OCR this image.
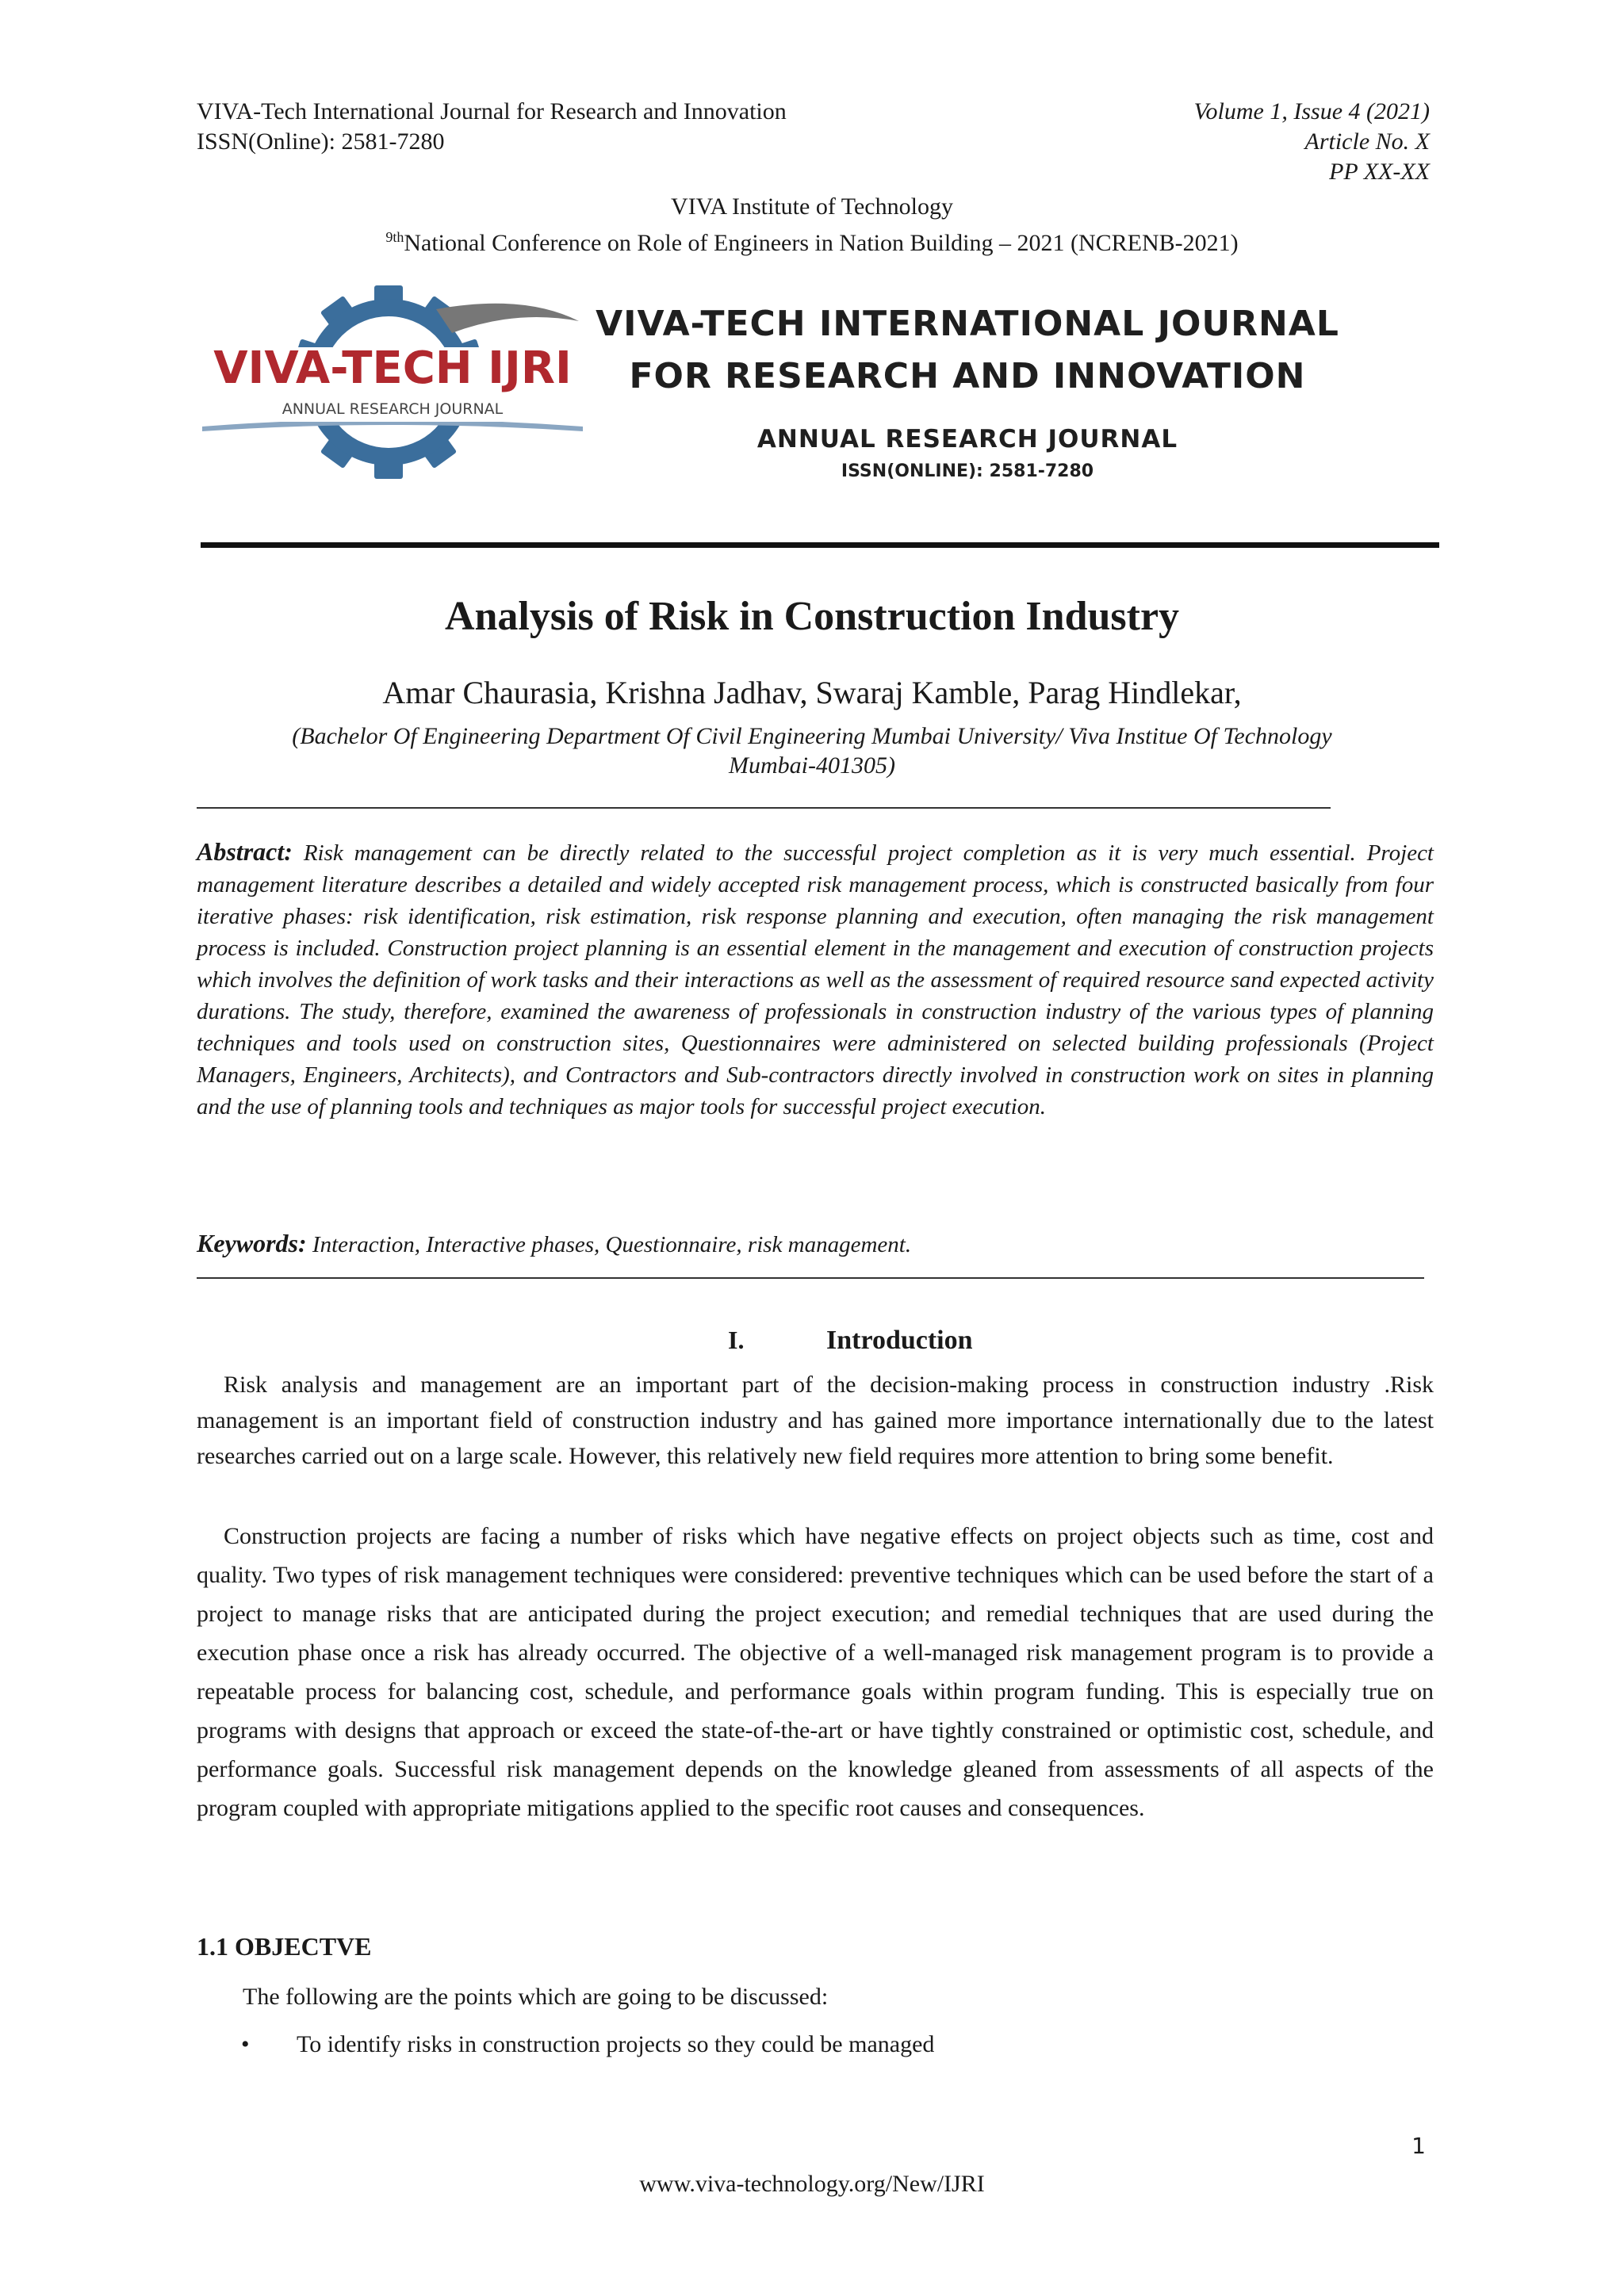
VIVA-Tech International Journal for Research and Innovation
ISSN(Online): 2581-7280
Volume 1, Issue 4 (2021)
Article No. X
PP XX-XX
VIVA Institute of Technology
$^{9th}$National Conference on Role of Engineers in Nation Building – 2021 (NCRENB-2021)
VIVA-TECH IJRI
ANNUAL RESEARCH JOURNAL
VIVA-TECH INTERNATIONAL JOURNAL
FOR RESEARCH AND INNOVATION
ANNUAL RESEARCH JOURNAL
ISSN(ONLINE): 2581-7280
Analysis of Risk in Construction Industry
Amar Chaurasia, Krishna Jadhav, Swaraj Kamble, Parag Hindlekar,
(Bachelor Of Engineering Department Of Civil Engineering Mumbai University/ Viva Institue Of Technology
Mumbai-401305)
Abstract: Risk management can be directly related to the successful project completion as it is very much essential. Project management literature describes a detailed and widely accepted risk management process, which is constructed basically from four iterative phases: risk identification, risk estimation, risk response planning and execution, often managing the risk management process is included. Construction project planning is an essential element in the management and execution of construction projects which involves the definition of work tasks and their interactions as well as the assessment of required resource sand expected activity durations. The study, therefore, examined the awareness of professionals in construction industry of the various types of planning techniques and tools used on construction sites, Questionnaires were administered on selected building professionals (Project Managers, Engineers, Architects), and Contractors and Sub-contractors directly involved in construction work on sites in planning and the use of planning tools and techniques as major tools for successful project execution.
Keywords: Interaction, Interactive phases, Questionnaire, risk management.
I.	Introduction
Risk analysis and management are an important part of the decision-making process in construction industry .Risk management is an important field of construction industry and has gained more importance internationally due to the latest researches carried out on a large scale. However, this relatively new field requires more attention to bring some benefit.
Construction projects are facing a number of risks which have negative effects on project objects such as time, cost and quality. Two types of risk management techniques were considered: preventive techniques which can be used before the start of a project to manage risks that are anticipated during the project execution; and remedial techniques that are used during the execution phase once a risk has already occurred. The objective of a well-managed risk management program is to provide a repeatable process for balancing cost, schedule, and performance goals within program funding. This is especially true on programs with designs that approach or exceed the state-of-the-art or have tightly constrained or optimistic cost, schedule, and performance goals. Successful risk management depends on the knowledge gleaned from assessments of all aspects of the program coupled with appropriate mitigations applied to the specific root causes and consequences.
1.1 OBJECTVE
The following are the points which are going to be discussed:
• To identify risks in construction projects so they could be managed
1
www.viva-technology.org/New/IJRI
